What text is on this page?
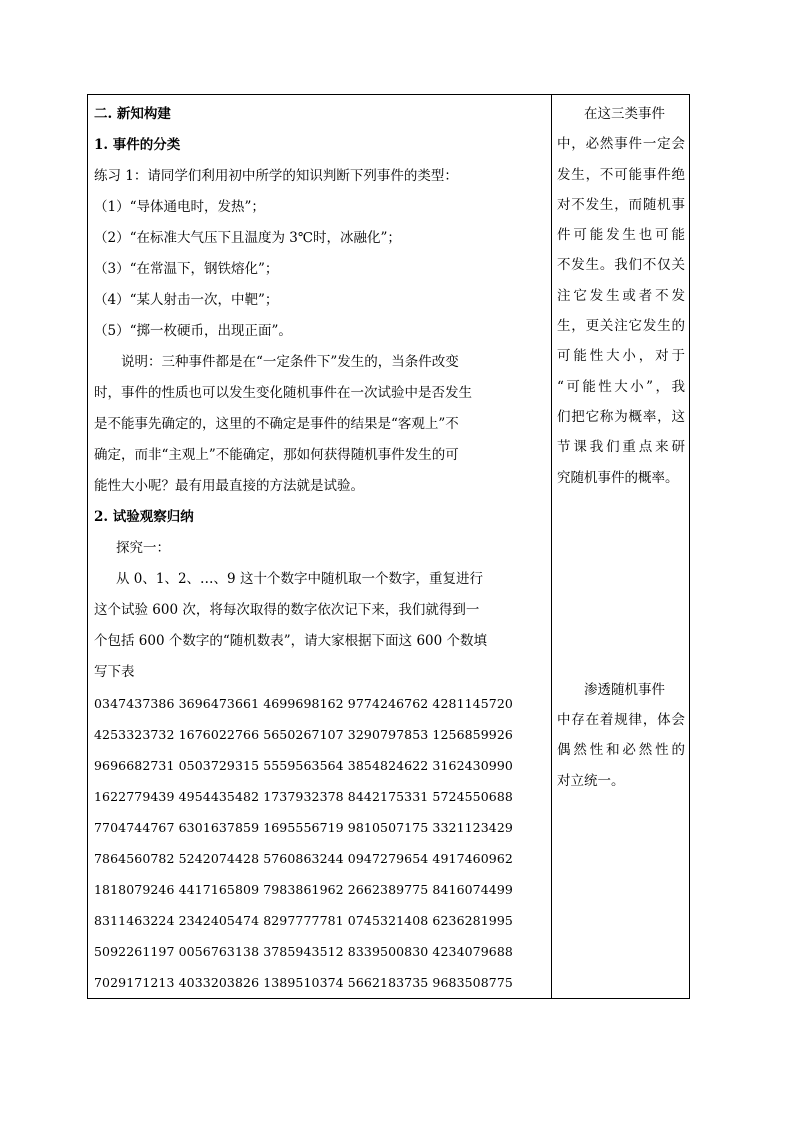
二. 新知构建
1. 事件的分类
练习 1：请同学们利用初中所学的知识判断下列事件的类型：
（1）“导体通电时，发热”；
（2）“在标准大气压下且温度为 3℃时，冰融化”；
（3）“在常温下，钢铁熔化”；
（4）“某人射击一次，中靶”；
（5）“掷一枚硬币，出现正面”。
说明：三种事件都是在“一定条件下”发生的，当条件改变
时，事件的性质也可以发生变化随机事件在一次试验中是否发生
是不能事先确定的，这里的不确定是事件的结果是“客观上”不
确定，而非“主观上”不能确定，那如何获得随机事件发生的可
能性大小呢？最有用最直接的方法就是试验。
2. 试验观察归纳
探究一：
从 0、1、2、…、9 这十个数字中随机取一个数字，重复进行
这个试验 600 次，将每次取得的数字依次记下来，我们就得到一
个包括 600 个数字的“随机数表”，请大家根据下面这 600 个数填
写下表
0347437386 3696473661 4699698162 9774246762 4281145720
4253323732 1676022766 5650267107 3290797853 1256859926
9696682731 0503729315 5559563564 3854824622 3162430990
1622779439 4954435482 1737932378 8442175331 5724550688
7704744767 6301637859 1695556719 9810507175 3321123429
7864560782 5242074428 5760863244 0947279654 4917460962
1818079246 4417165809 7983861962 2662389775 8416074499
8311463224 2342405474 8297777781 0745321408 6236281995
5092261197 0056763138 3785943512 8339500830 4234079688
7029171213 4033203826 1389510374 5662183735 9683508775
在这三类事件
中，必然事件一定会
发生，不可能事件绝
对不发生，而随机事
件可能发生也可能
不发生。我们不仅关
注它发生或者不发
生，更关注它发生的
可能性大小，对于
“可能性大小”，我
们把它称为概率，这
节课我们重点来研
究随机事件的概率。
渗透随机事件
中存在着规律，体会
偶然性和必然性的
对立统一。
